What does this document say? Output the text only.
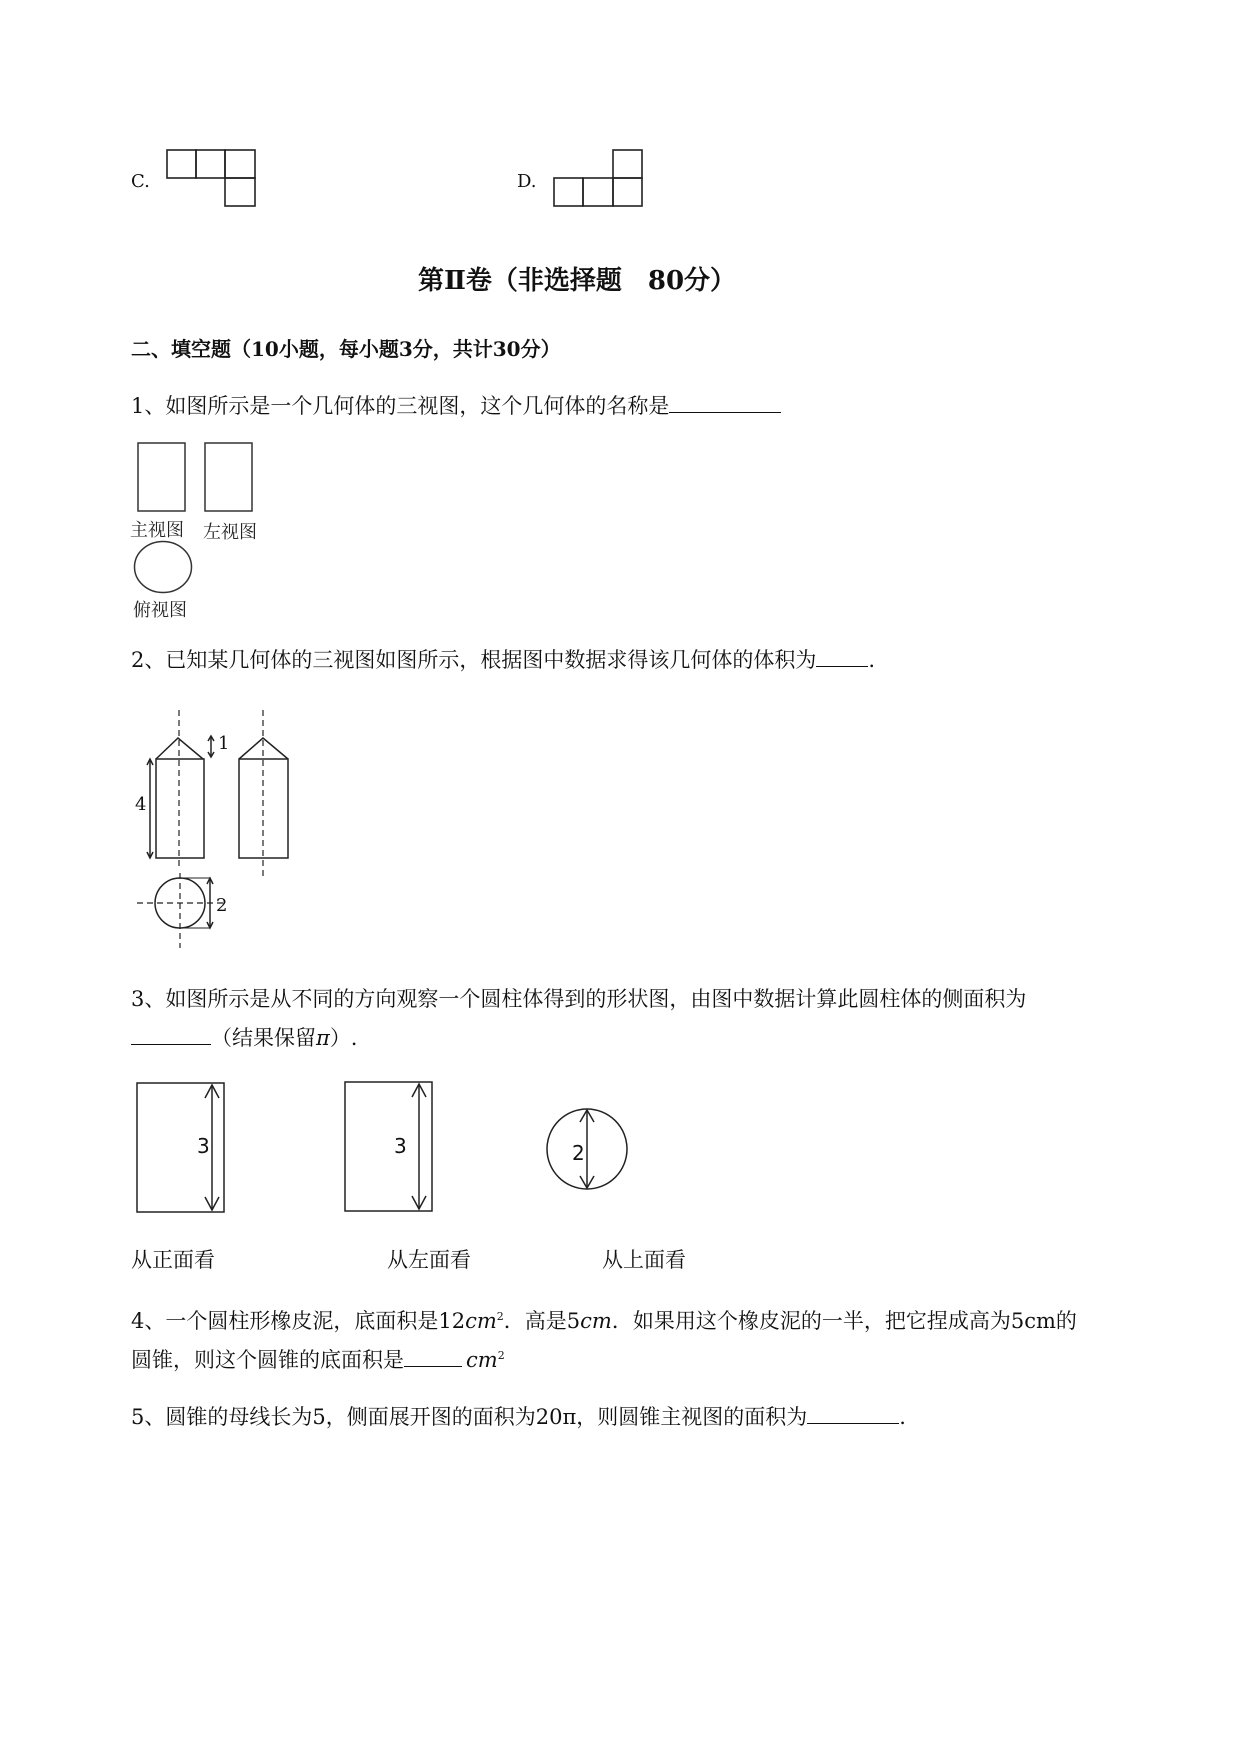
C.	D.
第Ⅱ卷（非选择题　80分）
二、填空题（10小题，每小题3分，共计30分）
1、如图所示是一个几何体的三视图，这个几何体的名称是
主视图 左视图
俯视图
2、已知某几何体的三视图如图所示，根据图中数据求得该几何体的体积为 .
1
4
2
3、如图所示是从不同的方向观察一个圆柱体得到的形状图，由图中数据计算此圆柱体的侧面积为
（结果保留π）.
3	3	2
从正面看	从左面看	从上面看
4、一个圆柱形橡皮泥，底面积是$12cm^2$．高是5cm．如果用这个橡皮泥的一半，把它捏成高为5cm的
圆锥，则这个圆锥的底面积是	$cm^2$
5、圆锥的母线长为5，侧面展开图的面积为20π，则圆锥主视图的面积为	.
